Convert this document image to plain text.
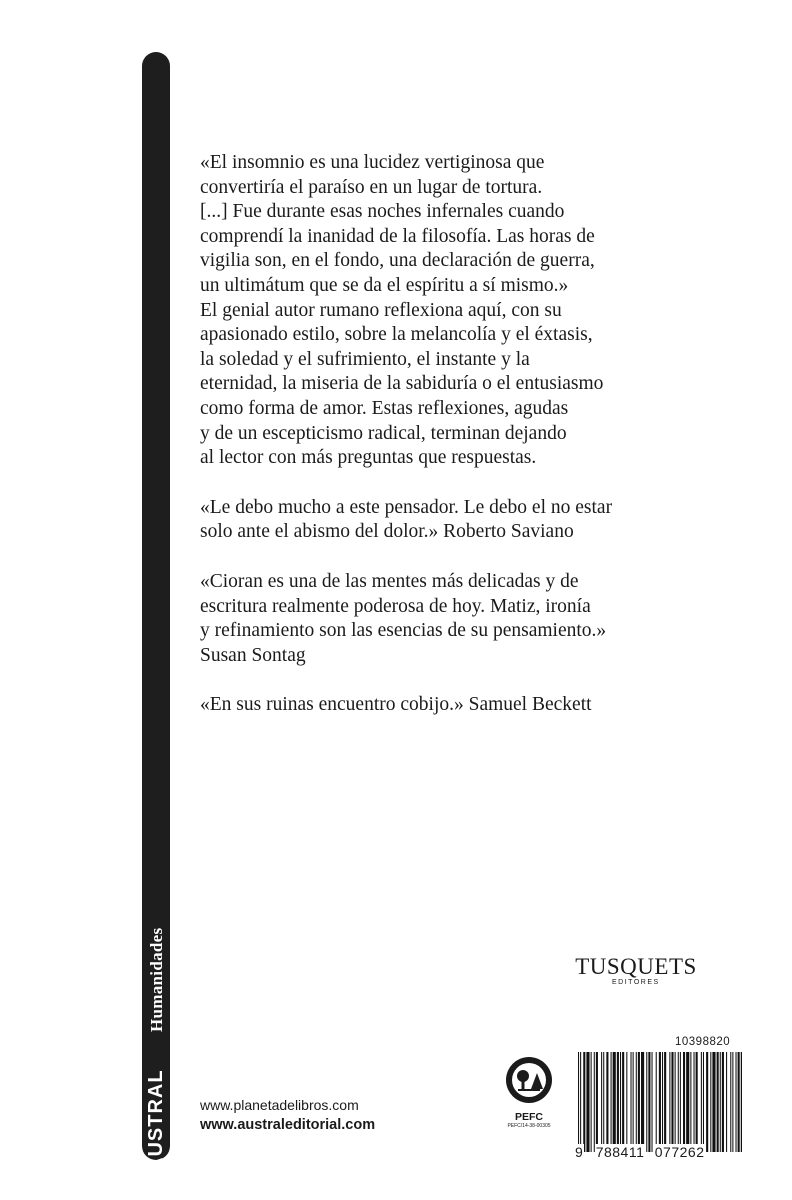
Humanidades
AUSTRAL

«El insomnio es una lucidez vertiginosa que
convertiría el paraíso en un lugar de tortura.
[...] Fue durante esas noches infernales cuando
comprendí la inanidad de la filosofía. Las horas de
vigilia son, en el fondo, una declaración de guerra,
un ultimátum que se da el espíritu a sí mismo.»
El genial autor rumano reflexiona aquí, con su
apasionado estilo, sobre la melancolía y el éxtasis,
la soledad y el sufrimiento, el instante y la
eternidad, la miseria de la sabiduría o el entusiasmo
como forma de amor. Estas reflexiones, agudas
y de un escepticismo radical, terminan dejando
al lector con más preguntas que respuestas.

«Le debo mucho a este pensador. Le debo el no estar
solo ante el abismo del dolor.» Roberto Saviano

«Cioran es una de las mentes más delicadas y de
escritura realmente poderosa de hoy. Matiz, ironía
y refinamiento son las esencias de su pensamiento.»
Susan Sontag

«En sus ruinas encuentro cobijo.» Samuel Beckett

TUSQUETS
EDITORES
www.planetadelibros.com
www.australeditorial.com	PEFC
PEFC/14-38-00305
10398820
9 788411 077262
